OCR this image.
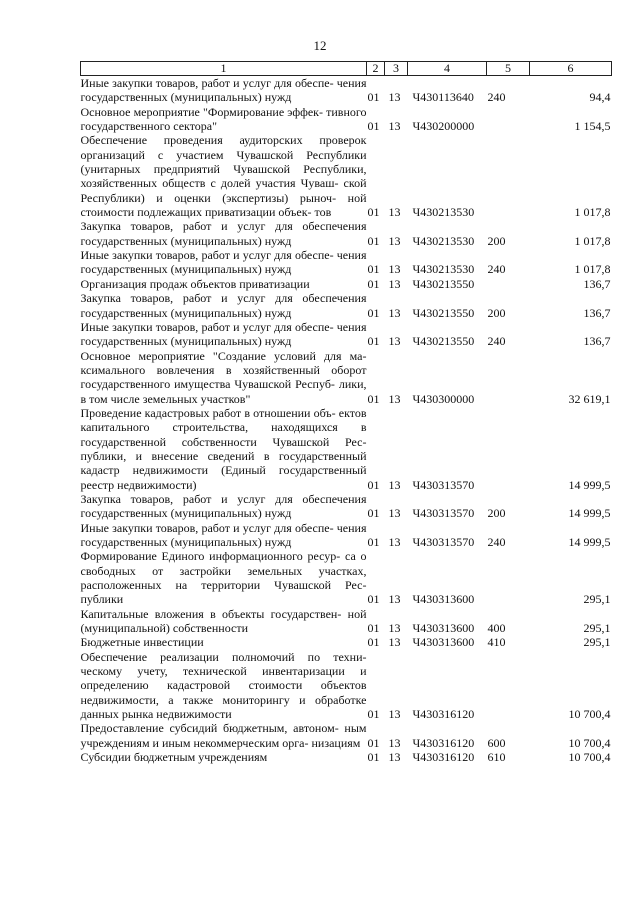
12
1	2	3	4	5	6
Иные закупки товаров, работ и услуг для обеспе- чения государственных (муниципальных) нужд	01	13	Ч430113640	240	94,4
Основное мероприятие "Формирование эффек- тивного государственного сектора"	01	13	Ч430200000		1 154,5
Обеспечение проведения аудиторских проверок организаций с участием Чувашской Республики (унитарных предприятий Чувашской Республики, хозяйственных обществ с долей участия Чуваш- ской Республики) и оценки (экспертизы) рыноч- ной стоимости подлежащих приватизации объек- тов	01	13	Ч430213530		1 017,8
Закупка товаров, работ и услуг для обеспечения государственных (муниципальных) нужд	01	13	Ч430213530	200	1 017,8
Иные закупки товаров, работ и услуг для обеспе- чения государственных (муниципальных) нужд	01	13	Ч430213530	240	1 017,8
Организация продаж объектов приватизации	01	13	Ч430213550		136,7
Закупка товаров, работ и услуг для обеспечения государственных (муниципальных) нужд	01	13	Ч430213550	200	136,7
Иные закупки товаров, работ и услуг для обеспе- чения государственных (муниципальных) нужд	01	13	Ч430213550	240	136,7
Основное мероприятие "Создание условий для ма- ксимального вовлечения в хозяйственный оборот государственного имущества Чувашской Респуб- лики, в том числе земельных участков"	01	13	Ч430300000		32 619,1
Проведение кадастровых работ в отношении объ- ектов капитального строительства, находящихся в государственной собственности Чувашской Рес- публики, и внесение сведений в государственный кадастр недвижимости (Единый государственный реестр недвижимости)	01	13	Ч430313570		14 999,5
Закупка товаров, работ и услуг для обеспечения государственных (муниципальных) нужд	01	13	Ч430313570	200	14 999,5
Иные закупки товаров, работ и услуг для обеспе- чения государственных (муниципальных) нужд	01	13	Ч430313570	240	14 999,5
Формирование Единого информационного ресур- са о свободных от застройки земельных участках, расположенных на территории Чувашской Рес- публики	01	13	Ч430313600		295,1
Капитальные вложения в объекты государствен- ной (муниципальной) собственности	01	13	Ч430313600	400	295,1
Бюджетные инвестиции	01	13	Ч430313600	410	295,1
Обеспечение реализации полномочий по техни- ческому учету, технической инвентаризации и определению кадастровой стоимости объектов недвижимости, а также мониторингу и обработке данных рынка недвижимости	01	13	Ч430316120		10 700,4
Предоставление субсидий бюджетным, автоном- ным учреждениям и иным некоммерческим орга- низациям	01	13	Ч430316120	600	10 700,4
Субсидии бюджетным учреждениям	01	13	Ч430316120	610	10 700,4
